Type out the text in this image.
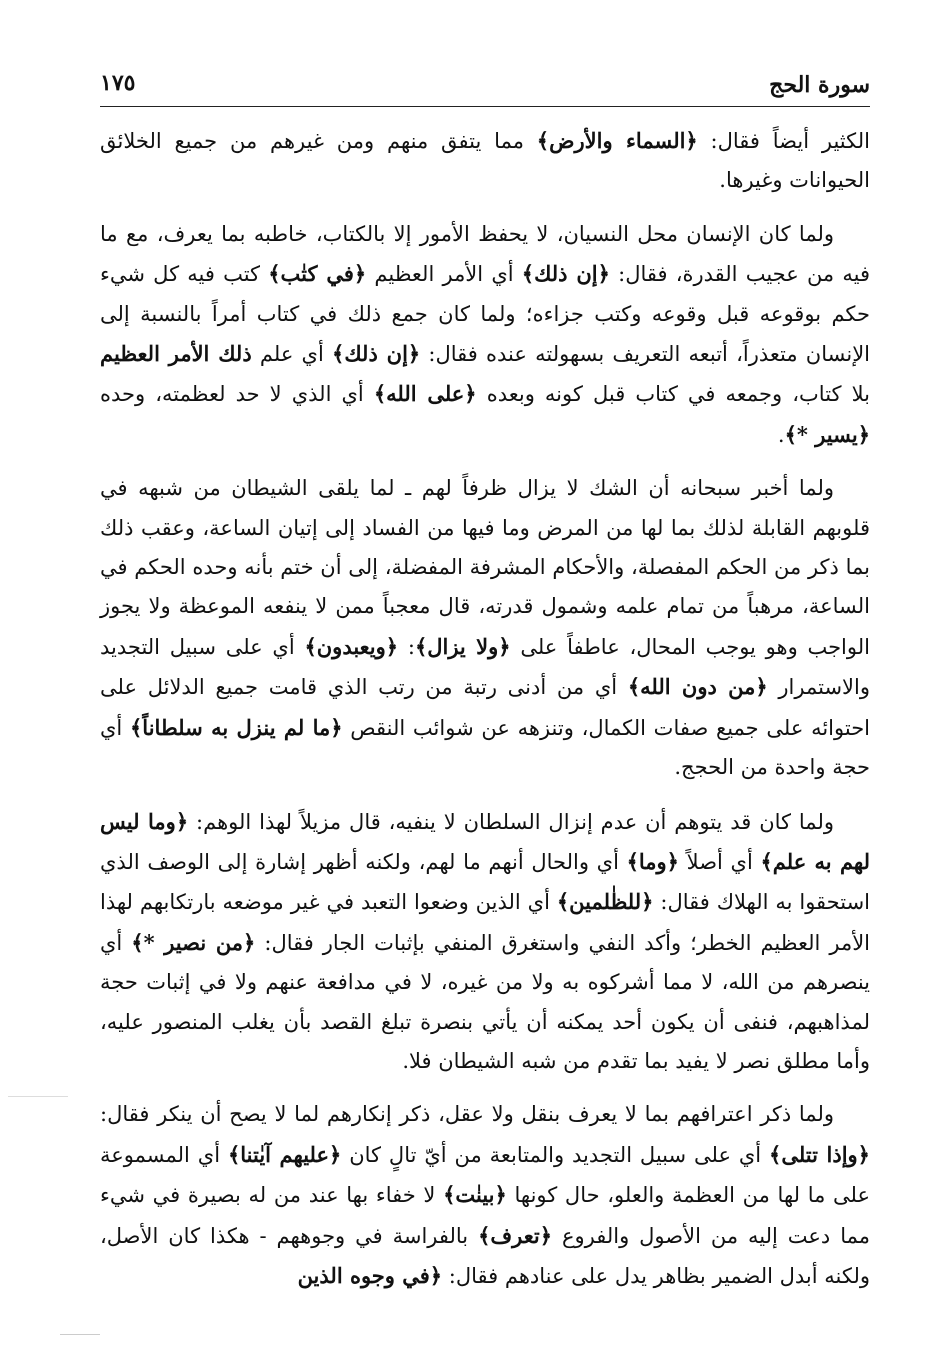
سورة الحج
١٧٥

الكثير أيضاً فقال: ﴿السماء والأرض﴾ مما يتفق منهم ومن غيرهم من جميع الخلائق الحيوانات وغيرها.

ولما كان الإنسان محل النسيان، لا يحفظ الأمور إلا بالكتاب، خاطبه بما يعرف، مع ما فيه من عجيب القدرة، فقال: ﴿إن ذلك﴾ أي الأمر العظيم ﴿في كتٰب﴾ كتب فيه كل شيء حكم بوقوعه قبل وقوعه وكتب جزاءه؛ ولما كان جمع ذلك في كتاب أمراً بالنسبة إلى الإنسان متعذراً، أتبعه التعريف بسهولته عنده فقال: ﴿إن ذلك﴾ أي علم ذلك الأمر العظيم بلا كتاب، وجمعه في كتاب قبل كونه وبعده ﴿على الله﴾ أي الذي لا حد لعظمته، وحده ﴿يسير *﴾.

ولما أخبر سبحانه أن الشك لا يزال ظرفاً لهم ـ لما يلقى الشيطان من شبهه في قلوبهم القابلة لذلك بما لها من المرض وما فيها من الفساد إلى إتيان الساعة، وعقب ذلك بما ذكر من الحكم المفصلة، والأحكام المشرفة المفضلة، إلى أن ختم بأنه وحده الحكم في الساعة، مرهباً من تمام علمه وشمول قدرته، قال معجباً ممن لا ينفعه الموعظة ولا يجوز الواجب وهو يوجب المحال، عاطفاً على ﴿ولا يزال﴾: ﴿ويعبدون﴾ أي على سبيل التجديد والاستمرار ﴿من دون الله﴾ أي من أدنى رتبة من رتب الذي قامت جميع الدلائل على احتوائه على جميع صفات الكمال، وتنزهه عن شوائب النقص ﴿ما لم ينزل به سلطاناً﴾ أي حجة واحدة من الحجج.

ولما كان قد يتوهم أن عدم إنزال السلطان لا ينفيه، قال مزيلاً لهذا الوهم: ﴿وما ليس لهم به علم﴾ أي أصلاً ﴿وما﴾ أي والحال أنهم ما لهم، ولكنه أظهر إشارة إلى الوصف الذي استحقوا به الهلاك فقال: ﴿للظٰلمين﴾ أي الذين وضعوا التعبد في غير موضعه بارتكابهم لهذا الأمر العظيم الخطر؛ وأكد النفي واستغرق المنفي بإثبات الجار فقال: ﴿من نصير *﴾ أي ينصرهم من الله، لا مما أشركوه به ولا من غيره، لا في مدافعة عنهم ولا في إثبات حجة لمذاهبهم، فنفى أن يكون أحد يمكنه أن يأتي بنصرة تبلغ القصد بأن يغلب المنصور عليه، وأما مطلق نصر لا يفيد بما تقدم من شبه الشيطان فلا.

ولما ذكر اعترافهم بما لا يعرف بنقل ولا عقل، ذكر إنكارهم لما لا يصح أن ينكر فقال: ﴿وإذا تتلى﴾ أي على سبيل التجديد والمتابعة من أيّ تالٍ كان ﴿عليهم آيٰتنا﴾ أي المسموعة على ما لها من العظمة والعلو، حال كونها ﴿بينٰت﴾ لا خفاء بها عند من له بصيرة في شيء مما دعت إليه من الأصول والفروع ﴿تعرف﴾ بالفراسة في وجوههم - هكذا كان الأصل، ولكنه أبدل الضمير بظاهر يدل على عنادهم فقال: ﴿في وجوه الذين
